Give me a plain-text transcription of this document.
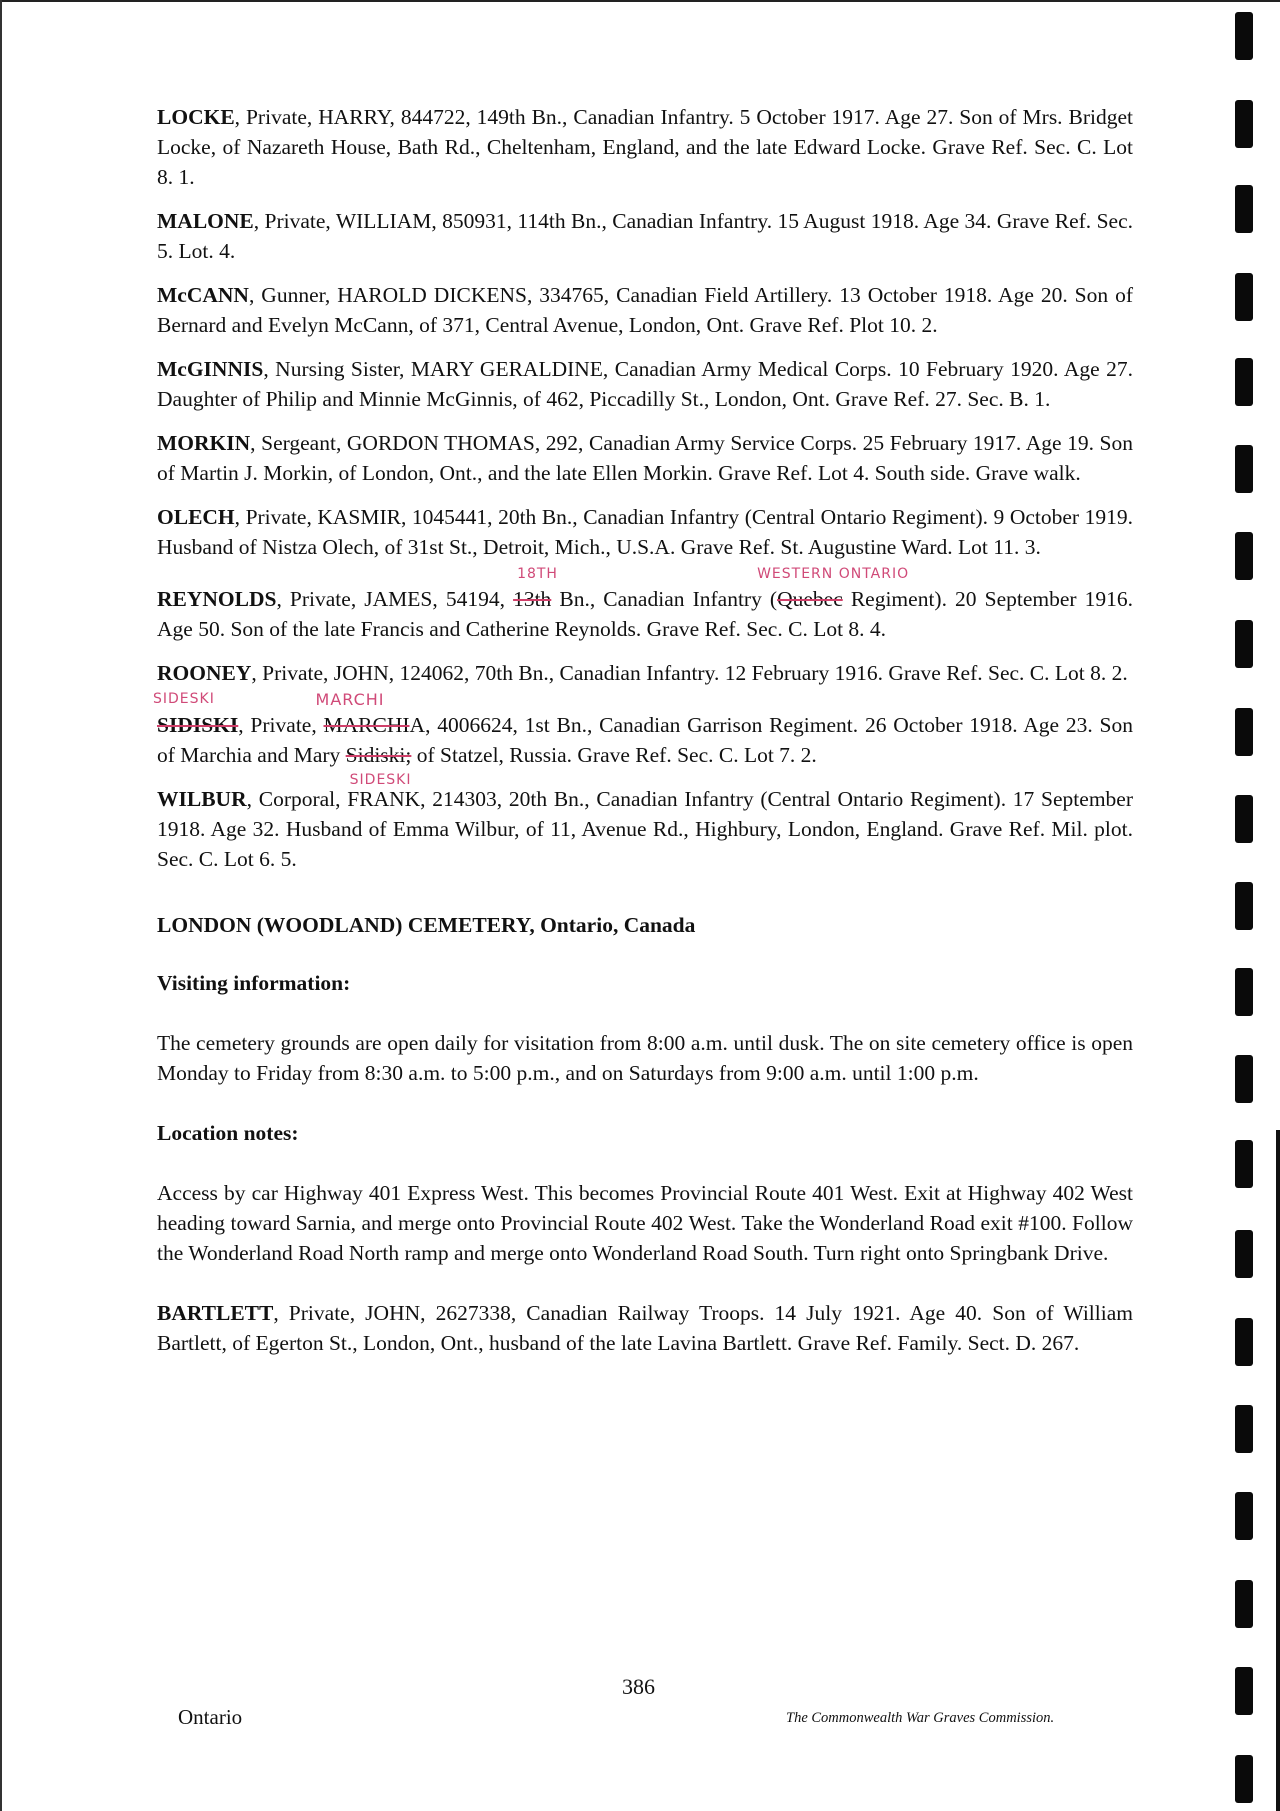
LOCKE, Private, HARRY, 844722, 149th Bn., Canadian Infantry. 5 October 1917. Age 27. Son of Mrs. Bridget Locke, of Nazareth House, Bath Rd., Cheltenham, England, and the late Edward Locke. Grave Ref. Sec. C. Lot 8. 1.

MALONE, Private, WILLIAM, 850931, 114th Bn., Canadian Infantry. 15 August 1918. Age 34. Grave Ref. Sec. 5. Lot. 4.

McCANN, Gunner, HAROLD DICKENS, 334765, Canadian Field Artillery. 13 October 1918. Age 20. Son of Bernard and Evelyn McCann, of 371, Central Avenue, London, Ont. Grave Ref. Plot 10. 2.

McGINNIS, Nursing Sister, MARY GERALDINE, Canadian Army Medical Corps. 10 February 1920. Age 27. Daughter of Philip and Minnie McGinnis, of 462, Piccadilly St., London, Ont. Grave Ref. 27. Sec. B. 1.

MORKIN, Sergeant, GORDON THOMAS, 292, Canadian Army Service Corps. 25 February 1917. Age 19. Son of Martin J. Morkin, of London, Ont., and the late Ellen Morkin. Grave Ref. Lot 4. South side. Grave walk.

OLECH, Private, KASMIR, 1045441, 20th Bn., Canadian Infantry (Central Ontario Regiment). 9 October 1919. Husband of Nistza Olech, of 31st St., Detroit, Mich., U.S.A. Grave Ref. St. Augustine Ward. Lot 11. 3.

REYNOLDS, Private, JAMES, 54194, 13th
18TH
Bn., Canadian Infantry (Quebec
WESTERN ONTARIO
Regiment). 20 September 1916. Age 50. Son of the late Francis and Catherine Reynolds. Grave Ref. Sec. C. Lot 8. 4.

ROONEY, Private, JOHN, 124062, 70th Bn., Canadian Infantry. 12 February 1916. Grave Ref. Sec. C. Lot 8. 2.

SIDISKI
SIDESKI
, Private, MARCHI
MARCHI
A, 4006624, 1st Bn., Canadian Garrison Regiment. 26 October 1918. Age 23. Son of Marchia and Mary Sidiski;
SIDESKI
of Statzel, Russia. Grave Ref. Sec. C. Lot 7. 2.

WILBUR, Corporal, FRANK, 214303, 20th Bn., Canadian Infantry (Central Ontario Regiment). 17 September 1918. Age 32. Husband of Emma Wilbur, of 11, Avenue Rd., Highbury, London, England. Grave Ref. Mil. plot. Sec. C. Lot 6. 5.

LONDON (WOODLAND) CEMETERY, Ontario, Canada

Visiting information:

The cemetery grounds are open daily for visitation from 8:00 a.m. until dusk. The on site cemetery office is open Monday to Friday from 8:30 a.m. to 5:00 p.m., and on Saturdays from 9:00 a.m. until 1:00 p.m.

Location notes:

Access by car Highway 401 Express West. This becomes Provincial Route 401 West. Exit at Highway 402 West heading toward Sarnia, and merge onto Provincial Route 402 West. Take the Wonderland Road exit #100. Follow the Wonderland Road North ramp and merge onto Wonderland Road South. Turn right onto Springbank Drive.

BARTLETT, Private, JOHN, 2627338, Canadian Railway Troops. 14 July 1921. Age 40. Son of William Bartlett, of Egerton St., London, Ont., husband of the late Lavina Bartlett. Grave Ref. Family. Sect. D. 267.

386
Ontario	The Commonwealth War Graves Commission.
